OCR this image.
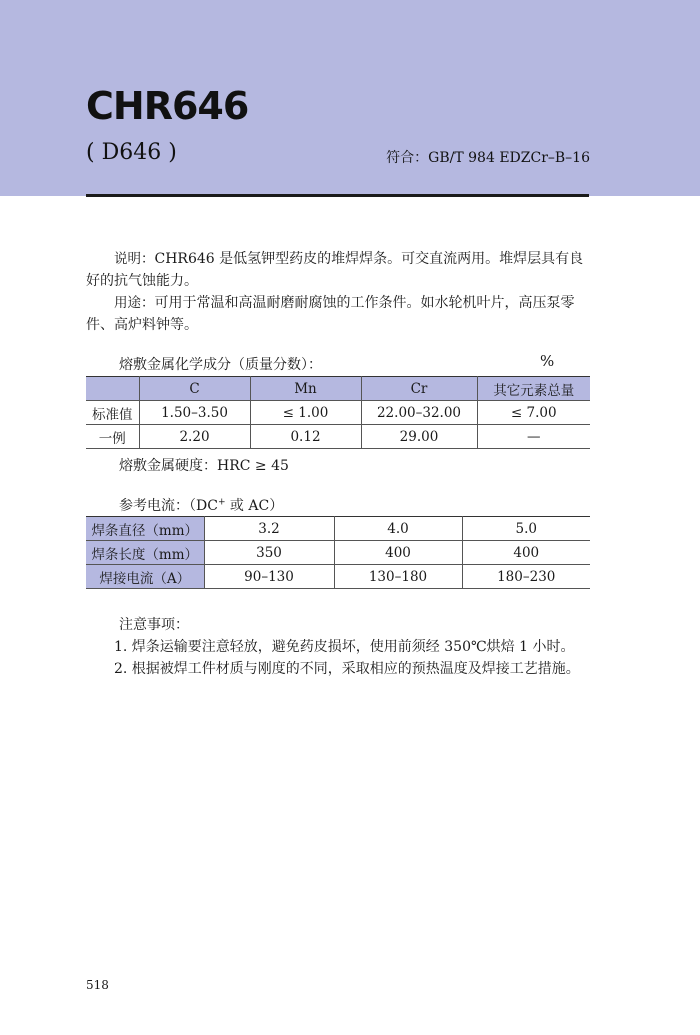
CHR646
( D646 )	符合：GB/T 984 EDZCr–B–16
说明：CHR646 是低氢钾型药皮的堆焊焊条。可交直流两用。堆焊层具有良好的抗气蚀能力。
用途：可用于常温和高温耐磨耐腐蚀的工作条件。如水轮机叶片，高压泵零件、高炉料钟等。
熔敷金属化学成分（质量分数）：	%
	C	Mn	Cr	其它元素总量
标准值	1.50–3.50	≤ 1.00	22.00–32.00	≤ 7.00
一例	2.20	0.12	29.00	—
熔敷金属硬度：HRC ≥ 45
参考电流：（DC+ 或 AC）
焊条直径（mm）	3.2	4.0	5.0
焊条长度（mm）	350	400	400
焊接电流（A）	90–130	130–180	180–230
注意事项：
1. 焊条运输要注意轻放，避免药皮损坏，使用前须经 350℃烘焙 1 小时。
2. 根据被焊工件材质与刚度的不同，采取相应的预热温度及焊接工艺措施。
518
